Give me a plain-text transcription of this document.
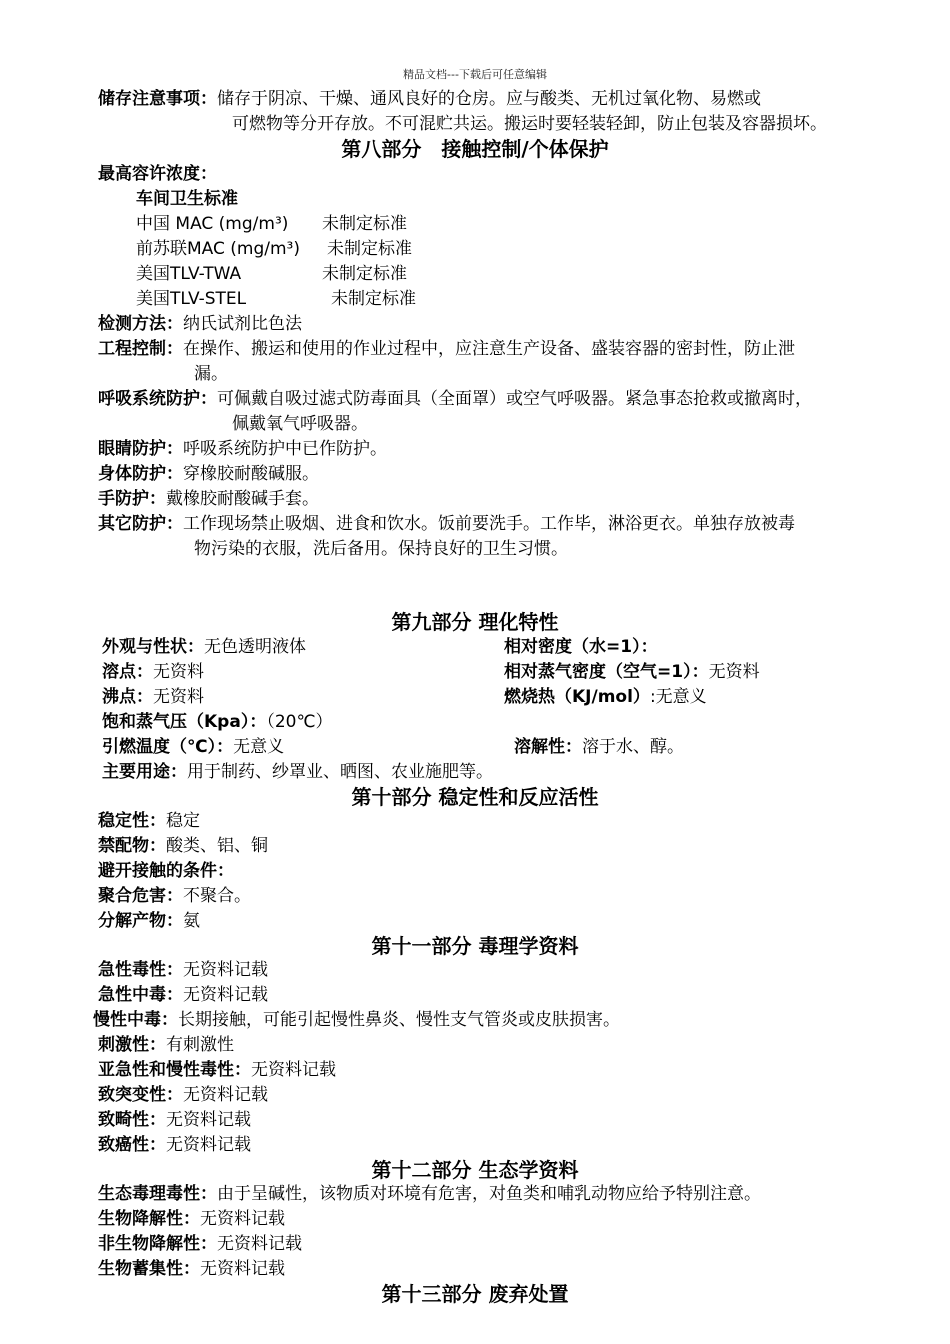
精品文档---下载后可任意编辑
储存注意事项：储存于阴凉、干燥、通风良好的仓房。应与酸类、无机过氧化物、易燃或
可燃物等分开存放。不可混贮共运。搬运时要轻装轻卸，防止包装及容器损坏。
第八部分　接触控制/个体保护
最高容许浓度：
车间卫生标准
中国 MAC (mg/m³) 未制定标准
前苏联MAC (mg/m³) 未制定标准
美国TLV-TWA	未制定标准
美国TLV-STEL	未制定标准
检测方法：纳氏试剂比色法
工程控制：在操作、搬运和使用的作业过程中，应注意生产设备、盛装容器的密封性，防止泄
漏。
呼吸系统防护：可佩戴自吸过滤式防毒面具（全面罩）或空气呼吸器。紧急事态抢救或撤离时，
佩戴氧气呼吸器。
眼睛防护：呼吸系统防护中已作防护。
身体防护：穿橡胶耐酸碱服。
手防护：戴橡胶耐酸碱手套。
其它防护：工作现场禁止吸烟、进食和饮水。饭前要洗手。工作毕，淋浴更衣。单独存放被毒
物污染的衣服，洗后备用。保持良好的卫生习惯。
第九部分 理化特性
外观与性状：无色透明液体	相对密度（水=1）：
溶点：无资料	相对蒸气密度（空气=1）：无资料
沸点：无资料	燃烧热（KJ/mol）:无意义
饱和蒸气压（Kpa）：（20℃）
引燃温度（℃）：无意义	溶解性：溶于水、醇。
主要用途：用于制药、纱罩业、晒图、农业施肥等。
第十部分 稳定性和反应活性
稳定性：稳定
禁配物：酸类、铝、铜
避开接触的条件：
聚合危害：不聚合。
分解产物：氨
第十一部分 毒理学资料
急性毒性：无资料记载
急性中毒：无资料记载
慢性中毒：长期接触，可能引起慢性鼻炎、慢性支气管炎或皮肤损害。
刺激性：有刺激性
亚急性和慢性毒性：无资料记载
致突变性：无资料记载
致畸性：无资料记载
致癌性：无资料记载
第十二部分 生态学资料
生态毒理毒性：由于呈碱性，该物质对环境有危害，对鱼类和哺乳动物应给予特别注意。
生物降解性：无资料记载
非生物降解性：无资料记载
生物蓄集性：无资料记载
第十三部分 废弃处置
